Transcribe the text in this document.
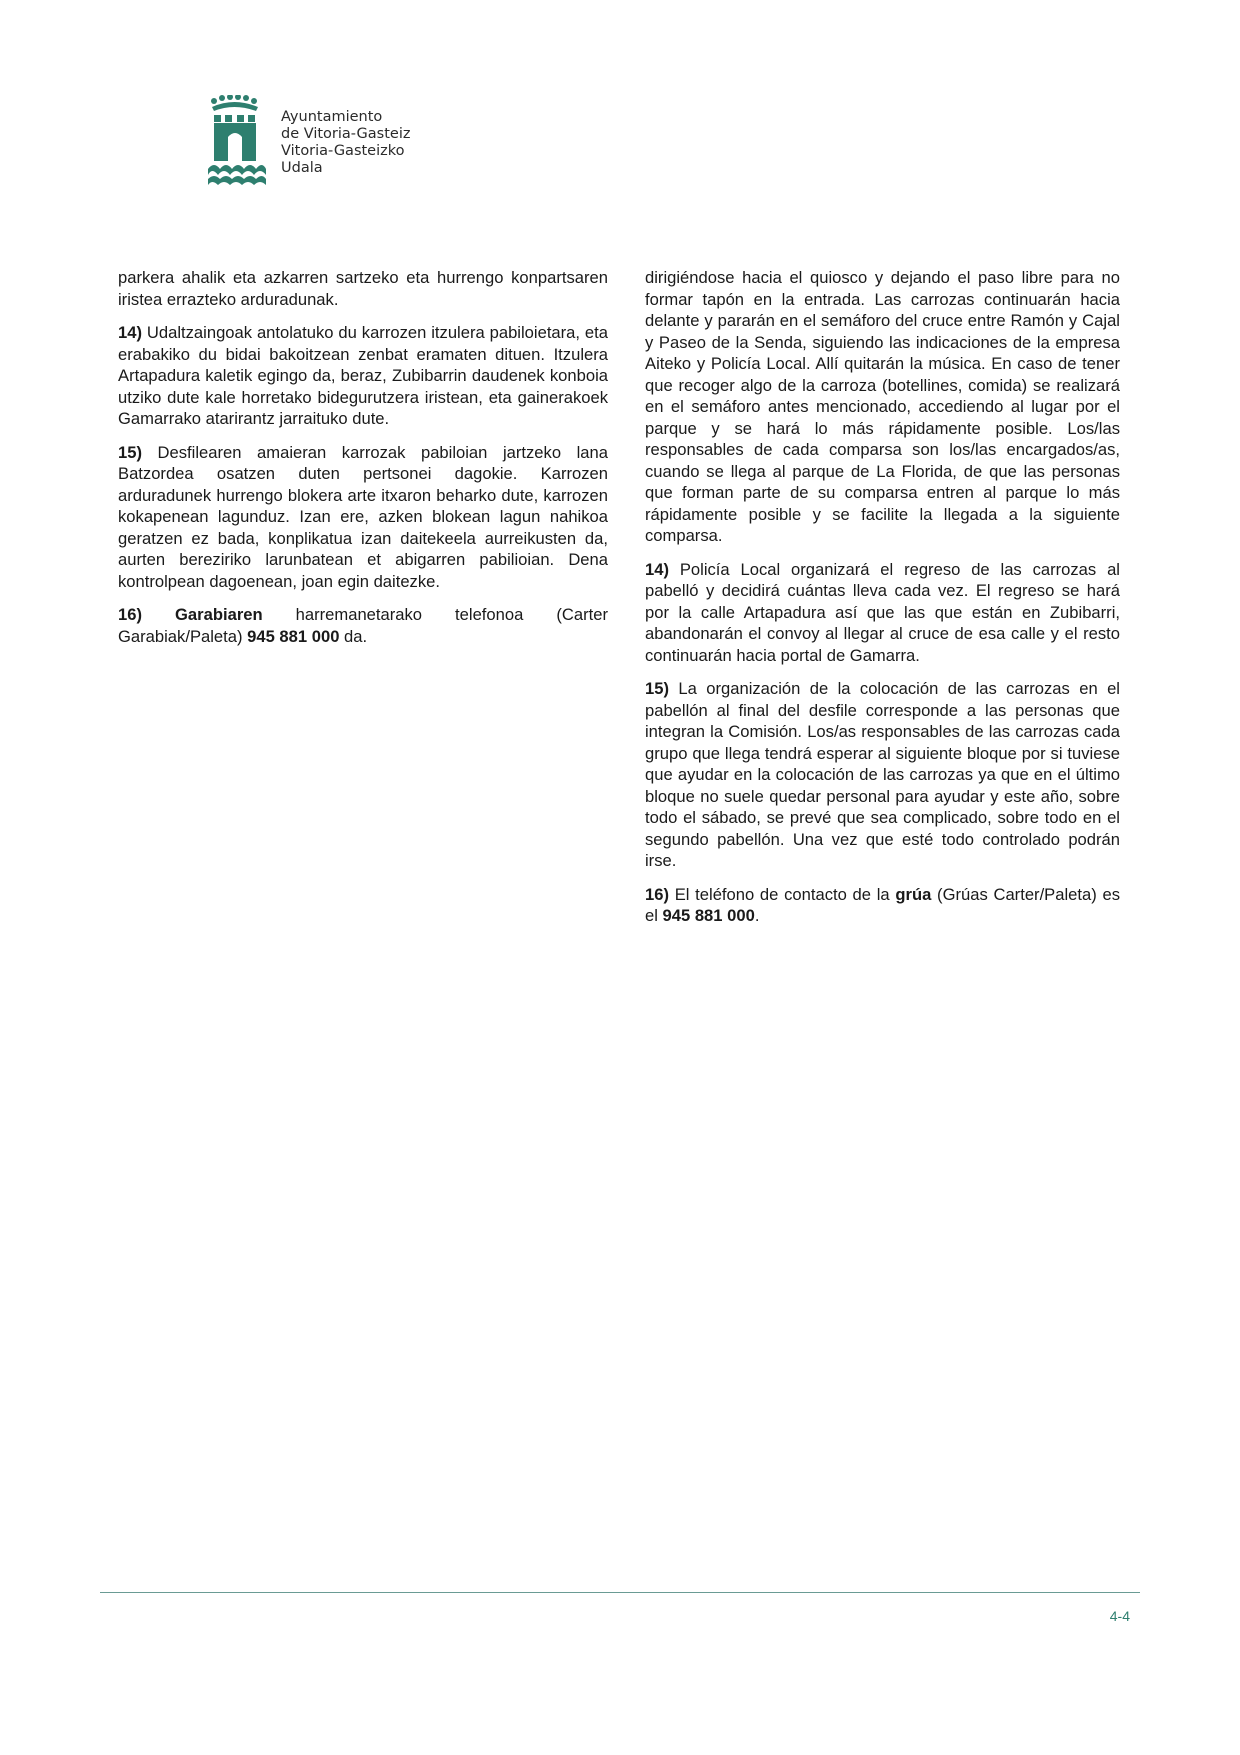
Ayuntamiento
de Vitoria-Gasteiz
Vitoria-Gasteizko
Udala

parkera ahalik eta azkarren sartzeko eta hurrengo konpartsaren iristea errazteko arduradunak.

14) Udaltzaingoak antolatuko du karrozen itzulera pabiloietara, eta erabakiko du bidai bakoitzean zenbat eramaten dituen. Itzulera Artapadura kaletik egingo da, beraz, Zubibarrin daudenek konboia utziko dute kale horretako bidegurutzera iristean, eta gainerakoek Gamarrako atarirantz jarraituko dute.

15) Desfilearen amaieran karrozak pabiloian jartzeko lana Batzordea osatzen duten pertsonei dagokie. Karrozen arduradunek hurrengo blokera arte itxaron beharko dute, karrozen kokapenean lagunduz. Izan ere, azken blokean lagun nahikoa geratzen ez bada, konplikatua izan daitekeela aurreikusten da, aurten bereziriko larunbatean et abigarren pabilioian. Dena kontrolpean dagoenean, joan egin daitezke.

16) Garabiaren harremanetarako telefonoa (Carter Garabiak/Paleta) 945 881 000 da.

dirigiéndose hacia el quiosco y dejando el paso libre para no formar tapón en la entrada. Las carrozas continuarán hacia delante y pararán en el semáforo del cruce entre Ramón y Cajal y Paseo de la Senda, siguiendo las indicaciones de la empresa Aiteko y Policía Local. Allí quitarán la música. En caso de tener que recoger algo de la carroza (botellines, comida) se realizará en el semáforo antes mencionado, accediendo al lugar por el parque y se hará lo más rápidamente posible. Los/las responsables de cada comparsa son los/las encargados/as, cuando se llega al parque de La Florida, de que las personas que forman parte de su comparsa entren al parque lo más rápidamente posible y se facilite la llegada a la siguiente comparsa.

14) Policía Local organizará el regreso de las carrozas al pabelló y decidirá cuántas lleva cada vez. El regreso se hará por la calle Artapadura así que las que están en Zubibarri, abandonarán el convoy al llegar al cruce de esa calle y el resto continuarán hacia portal de Gamarra.

15) La organización de la colocación de las carrozas en el pabellón al final del desfile corresponde a las personas que integran la Comisión. Los/as responsables de las carrozas cada grupo que llega tendrá esperar al siguiente bloque por si tuviese que ayudar en la colocación de las carrozas ya que en el último bloque no suele quedar personal para ayudar y este año, sobre todo el sábado, se prevé que sea complicado, sobre todo en el segundo pabellón. Una vez que esté todo controlado podrán irse.

16) El teléfono de contacto de la grúa (Grúas Carter/Paleta) es el 945 881 000.

4-4
